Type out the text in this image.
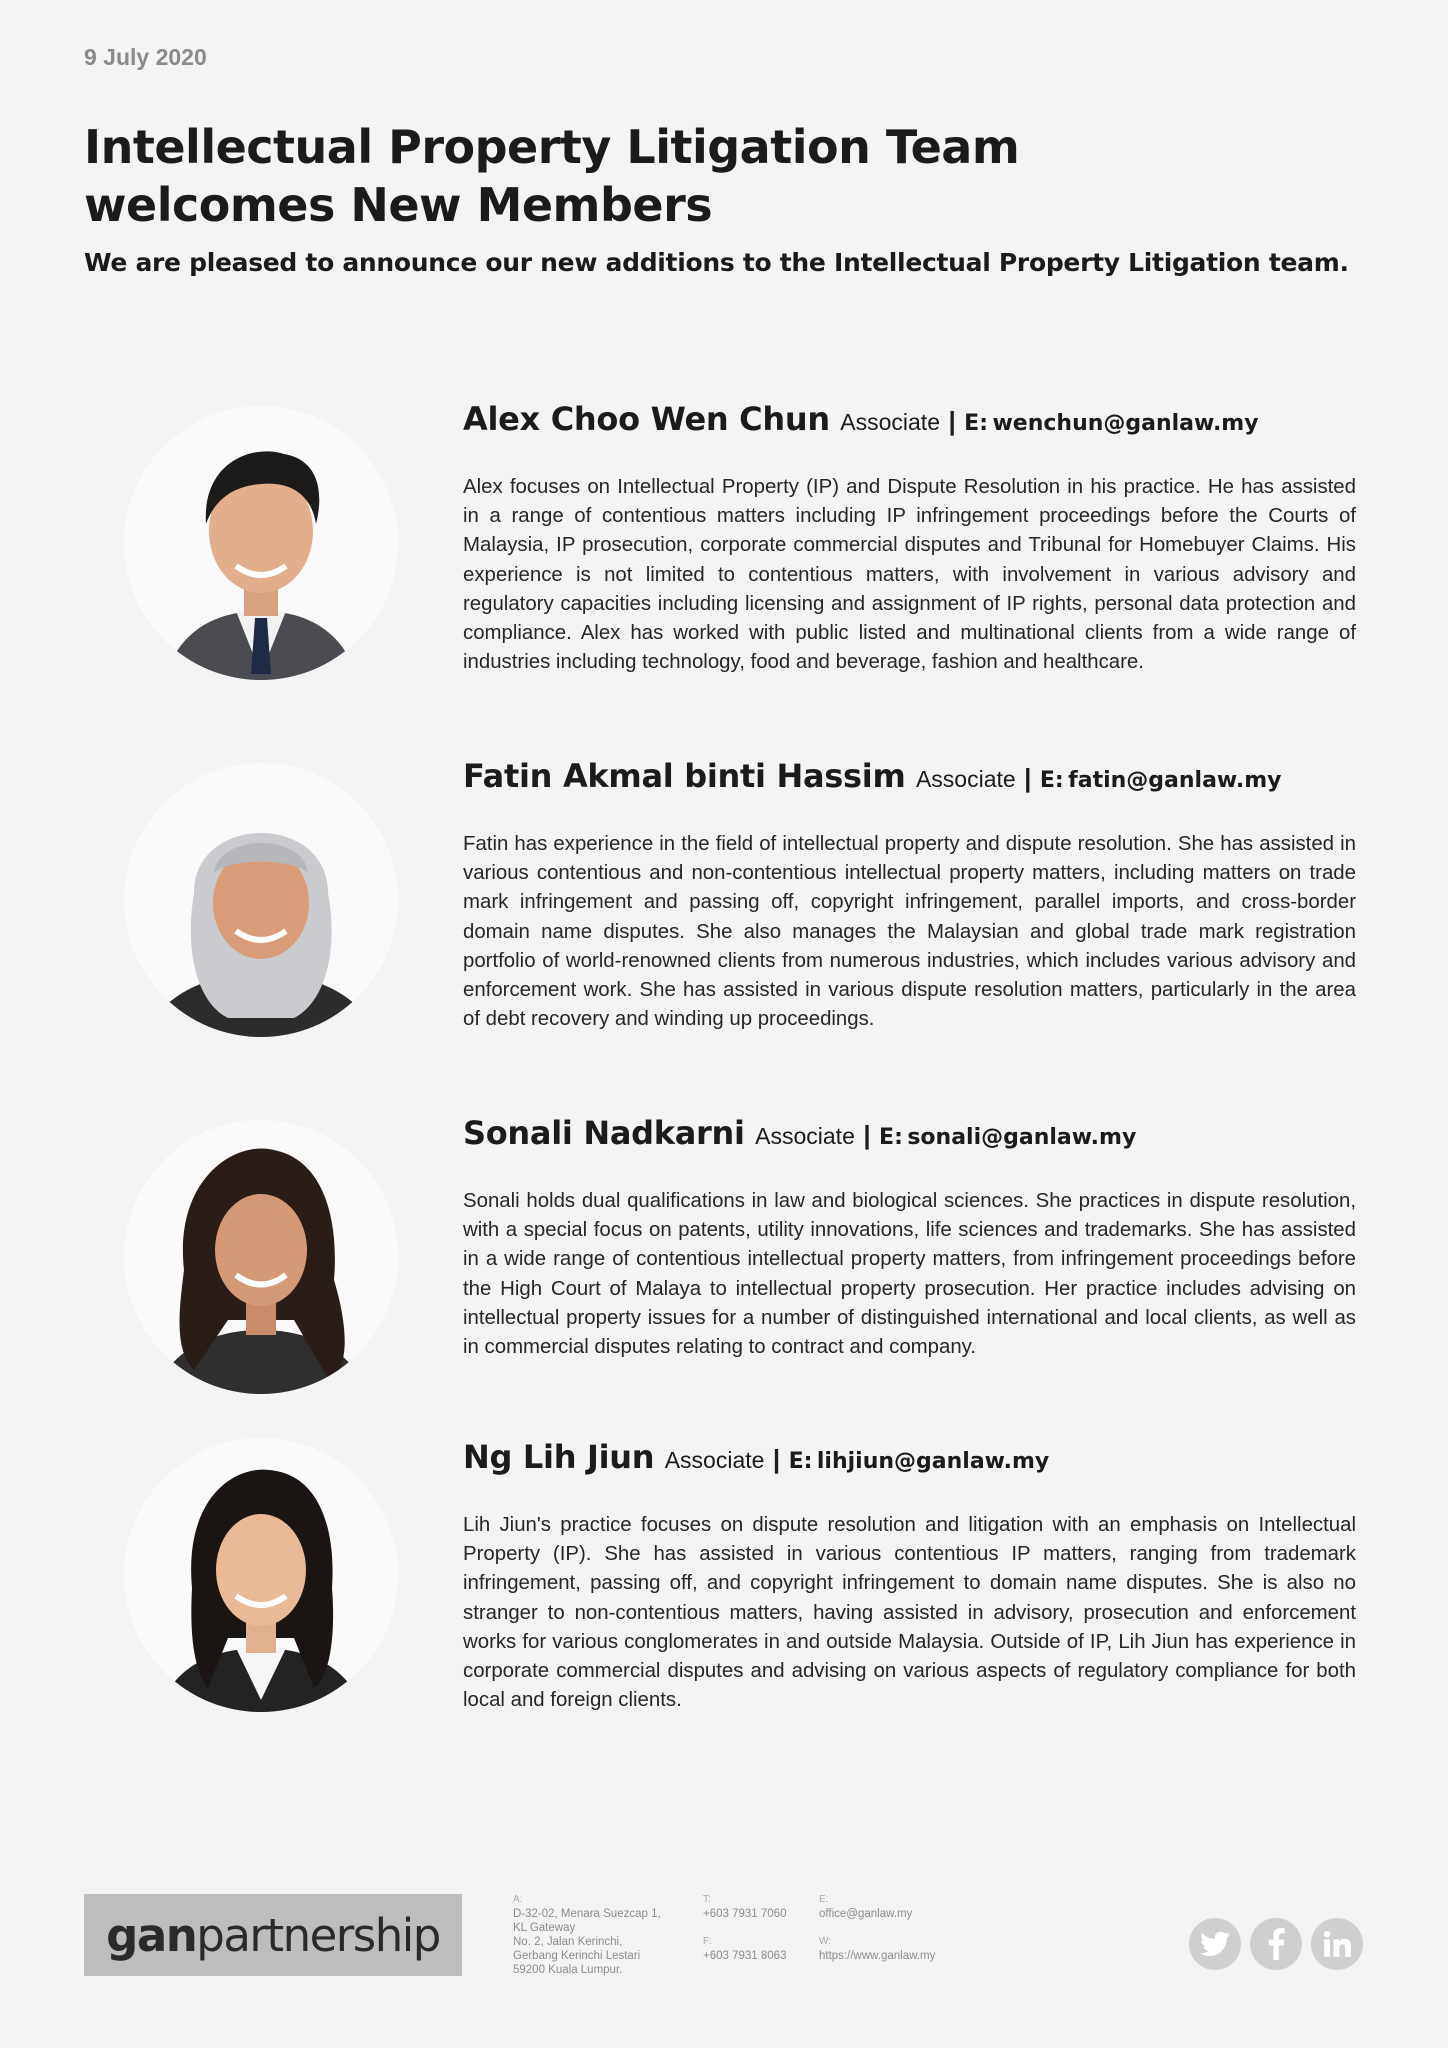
9 July 2020
Intellectual Property Litigation Team
welcomes New Members
We are pleased to announce our new additions to the Intellectual Property Litigation team.
Alex Choo Wen Chun Associate | E: wenchun@ganlaw.my
Alex focuses on Intellectual Property (IP) and Dispute Resolution in his practice. He has assisted in a range of contentious matters including IP infringement proceedings before the Courts of Malaysia, IP prosecution, corporate commercial disputes and Tribunal for Homebuyer Claims. His experience is not limited to contentious matters, with involvement in various advisory and regulatory capacities including licensing and assignment of IP rights, personal data protection and compliance. Alex has worked with public listed and multinational clients from a wide range of industries including technology, food and beverage, fashion and healthcare.
Fatin Akmal binti Hassim Associate | E: fatin@ganlaw.my
Fatin has experience in the field of intellectual property and dispute resolution. She has assisted in various contentious and non-contentious intellectual property matters, including matters on trade mark infringement and passing off, copyright infringement, parallel imports, and cross-border domain name disputes. She also manages the Malaysian and global trade mark registration portfolio of world-renowned clients from numerous industries, which includes various advisory and enforcement work. She has assisted in various dispute resolution matters, particularly in the area of debt recovery and winding up proceedings.
Sonali Nadkarni Associate | E: sonali@ganlaw.my
Sonali holds dual qualifications in law and biological sciences. She practices in dispute resolution, with a special focus on patents, utility innovations, life sciences and trademarks. She has assisted in a wide range of contentious intellectual property matters, from infringement proceedings before the High Court of Malaya to intellectual property prosecution. Her practice includes advising on intellectual property issues for a number of distinguished international and local clients, as well as in commercial disputes relating to contract and company.
Ng Lih Jiun Associate | E: lihjiun@ganlaw.my
Lih Jiun's practice focuses on dispute resolution and litigation with an emphasis on Intellectual Property (IP). She has assisted in various contentious IP matters, ranging from trademark infringement, passing off, and copyright infringement to domain name disputes. She is also no stranger to non-contentious matters, having assisted in advisory, prosecution and enforcement works for various conglomerates in and outside Malaysia. Outside of IP, Lih Jiun has experience in corporate commercial disputes and advising on various aspects of regulatory compliance for both local and foreign clients.
ganpartnership
A:
D-32-02, Menara Suezcap 1,
KL Gateway
No. 2, Jalan Kerinchi,
Gerbang Kerinchi Lestari
59200 Kuala Lumpur.
T:
+603 7931 7060
F:
+603 7931 8063
E:
office@ganlaw.my
W:
https://www.ganlaw.my
